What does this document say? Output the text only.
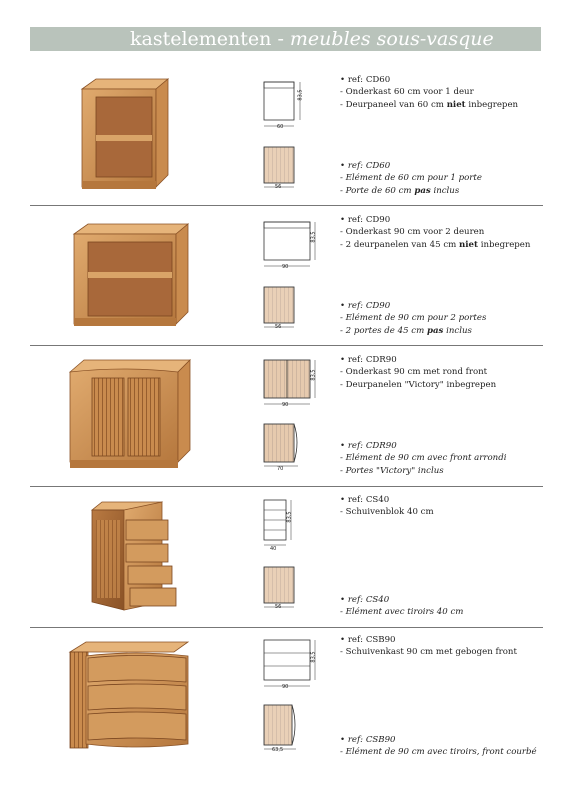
kastelementen - meubles sous-vasque
83,5
60
56
• ref: CD60
- Onderkast 60 cm voor 1 deur
- Deurpaneel van 60 cm niet inbegrepen
• ref: CD60
- Elément de 60 cm pour 1 porte
- Porte de 60 cm pas inclus
83,5
90
56
• ref: CD90
- Onderkast 90 cm voor 2 deuren
- 2 deurpanelen van 45 cm niet inbegrepen
• ref: CD90
- Elément de 90 cm pour 2 portes
- 2 portes de 45 cm pas inclus
83,5
90
70
• ref: CDR90
- Onderkast 90 cm met rond front
- Deurpanelen "Victory" inbegrepen
• ref: CDR90
- Elément de 90 cm avec front arrondi
- Portes "Victory" inclus
83,5
40
56
• ref: CS40
- Schuivenblok 40 cm
• ref: CS40
- Elément avec tiroirs 40 cm
83,5
90
63,5
• ref: CSB90
- Schuivenkast 90 cm met gebogen front
• ref: CSB90
- Elément de 90 cm avec tiroirs, front courbé
